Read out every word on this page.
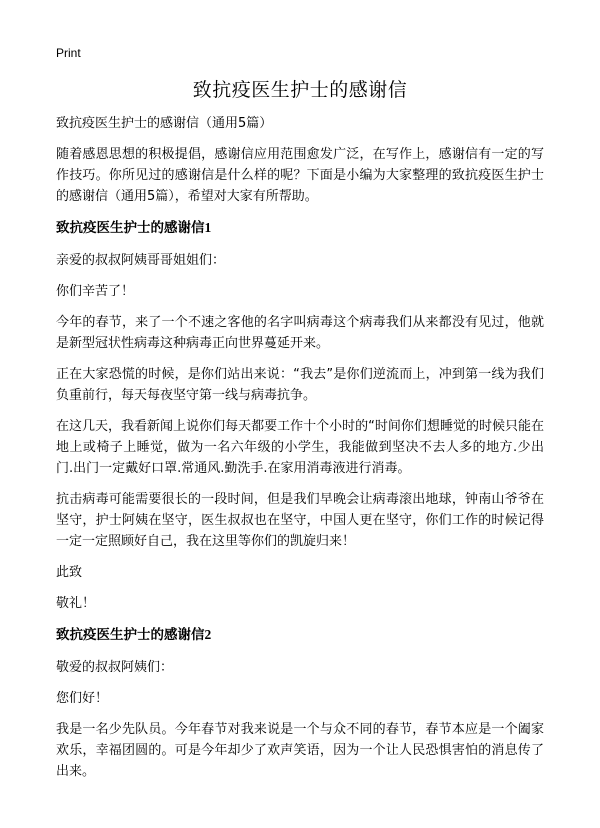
Print
致抗疫医生护士的感谢信

致抗疫医生护士的感谢信（通用5篇）

随着感恩思想的积极提倡，感谢信应用范围愈发广泛，在写作上，感谢信有一定的写作技巧。你所见过的感谢信是什么样的呢？下面是小编为大家整理的致抗疫医生护士的感谢信（通用5篇），希望对大家有所帮助。

致抗疫医生护士的感谢信1

亲爱的叔叔阿姨哥哥姐姐们：

你们辛苦了！

今年的春节，来了一个不速之客他的名字叫病毒这个病毒我们从来都没有见过，他就是新型冠状性病毒这种病毒正向世界蔓延开来。

正在大家恐慌的时候，是你们站出来说：“我去”是你们逆流而上，冲到第一线为我们负重前行，每天每夜坚守第一线与病毒抗争。

在这几天，我看新闻上说你们每天都要工作十个小时的“时间你们想睡觉的时候只能在地上或椅子上睡觉，做为一名六年级的小学生，我能做到坚决不去人多的地方.少出门.出门一定戴好口罩.常通风.勤洗手.在家用消毒液进行消毒。

抗击病毒可能需要很长的一段时间，但是我们早晚会让病毒滚出地球，钟南山爷爷在坚守，护士阿姨在坚守，医生叔叔也在坚守，中国人更在坚守，你们工作的时候记得一定一定照顾好自己，我在这里等你们的凯旋归来！

此致

敬礼！

致抗疫医生护士的感谢信2

敬爱的叔叔阿姨们：

您们好！

我是一名少先队员。今年春节对我来说是一个与众不同的春节，春节本应是一个阖家欢乐，幸福团圆的。可是今年却少了欢声笑语，因为一个让人民恐惧害怕的消息传了出来。
